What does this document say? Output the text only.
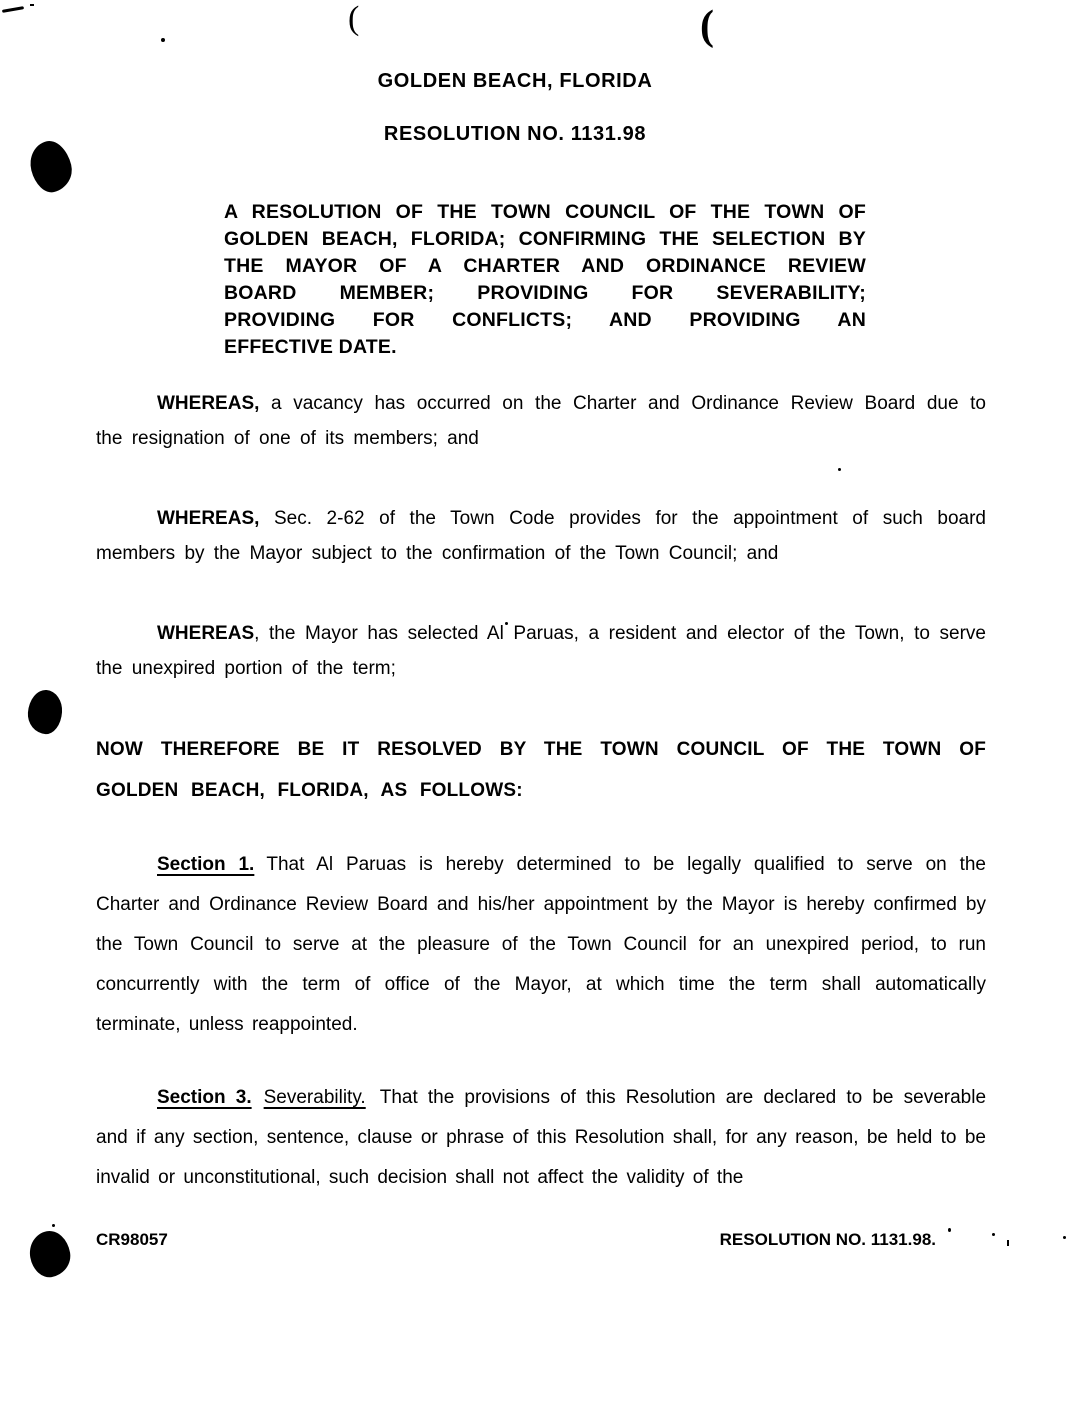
(	(
GOLDEN BEACH, FLORIDA
RESOLUTION NO. 1131.98
A RESOLUTION OF THE TOWN COUNCIL OF THE TOWN OF
GOLDEN BEACH, FLORIDA; CONFIRMING THE SELECTION BY
THE MAYOR OF A CHARTER AND ORDINANCE REVIEW
BOARD MEMBER; PROVIDING FOR SEVERABILITY;
PROVIDING FOR CONFLICTS; AND PROVIDING AN
EFFECTIVE DATE.

WHEREAS, a vacancy has occurred on the Charter and Ordinance Review Board due to the resignation of one of its members; and

WHEREAS, Sec. 2-62 of the Town Code provides for the appointment of such board members by the Mayor subject to the confirmation of the Town Council; and

WHEREAS, the Mayor has selected Al Paruas, a resident and elector of the Town, to serve the unexpired portion of the term;

NOW THEREFORE BE IT RESOLVED BY THE TOWN COUNCIL OF THE TOWN OF GOLDEN BEACH, FLORIDA, AS FOLLOWS:

Section 1. That Al Paruas is hereby determined to be legally qualified to serve on the Charter and Ordinance Review Board and his/her appointment by the Mayor is hereby confirmed by the Town Council to serve at the pleasure of the Town Council for an unexpired period, to run concurrently with the term of office of the Mayor, at which time the term shall automatically terminate, unless reappointed.

Section 3. Severability. That the provisions of this Resolution are declared to be severable and if any section, sentence, clause or phrase of this Resolution shall, for any reason, be held to be invalid or unconstitutional, such decision shall not affect the validity of the

CR98057	RESOLUTION NO. 1131.98.
